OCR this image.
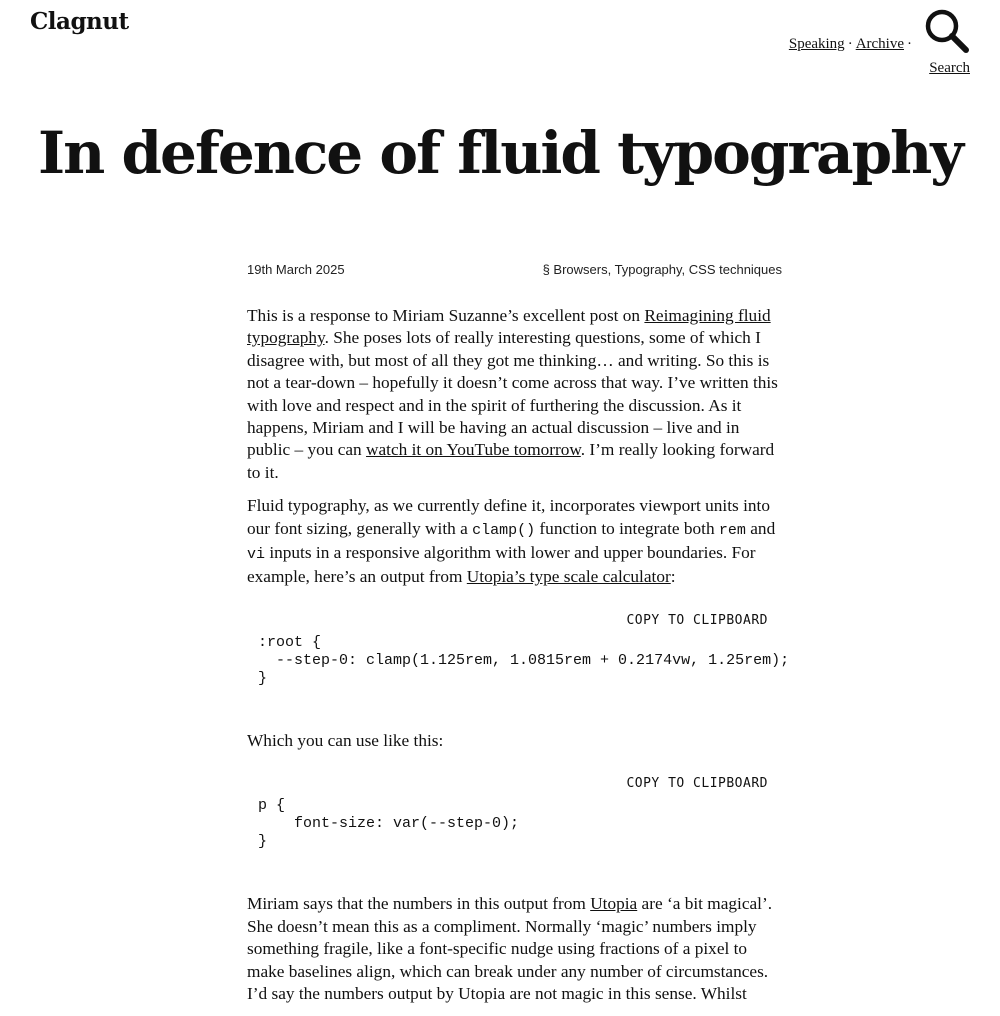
Clagnut
Speaking · Archive ·
Search
In defence of fluid typography
19th March 2025	§ Browsers, Typography, CSS techniques

This is a response to Miriam Suzanne’s excellent post on Reimagining fluid typography. She poses lots of really interesting questions, some of which I disagree with, but most of all they got me thinking… and writing. So this is not a tear-down – hopefully it doesn’t come across that way. I’ve written this with love and respect and in the spirit of furthering the discussion. As it happens, Miriam and I will be having an actual discussion – live and in public – you can watch it on YouTube tomorrow. I’m really looking forward to it.

Fluid typography, as we currently define it, incorporates viewport units into our font sizing, generally with a clamp() function to integrate both rem and vi inputs in a responsive algorithm with lower and upper boundaries. For example, here’s an output from Utopia’s type scale calculator:

COPY TO CLIPBOARD
:root {
--step-0: clamp(1.125rem, 1.0815rem + 0.2174vw, 1.25rem);
}

Which you can use like this:

COPY TO CLIPBOARD
p {
font-size: var(--step-0);
}

Miriam says that the numbers in this output from Utopia are ‘a bit magical’. She doesn’t mean this as a compliment. Normally ‘magic’ numbers imply something fragile, like a font-specific nudge using fractions of a pixel to make baselines align, which can break under any number of circumstances. I’d say the numbers output by Utopia are not magic in this sense. Whilst
